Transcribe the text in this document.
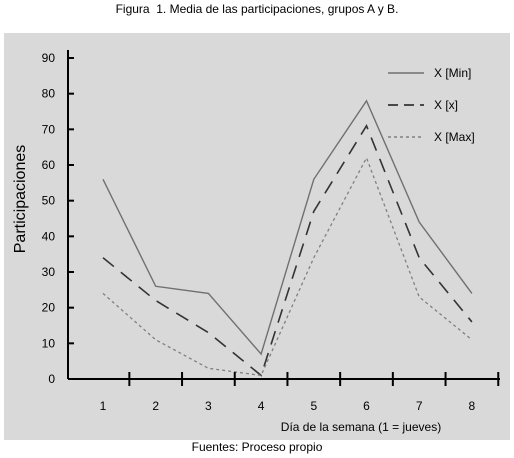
Figura  1. Media de las participaciones, grupos A y B.
0
10
20
30
40
50
60
70
80
90
1	2	3	4	5	6	7	8
X [Min]
X [x]
X [Max]
Participaciones
Día de la semana (1 = jueves)
Fuentes: Proceso propio
